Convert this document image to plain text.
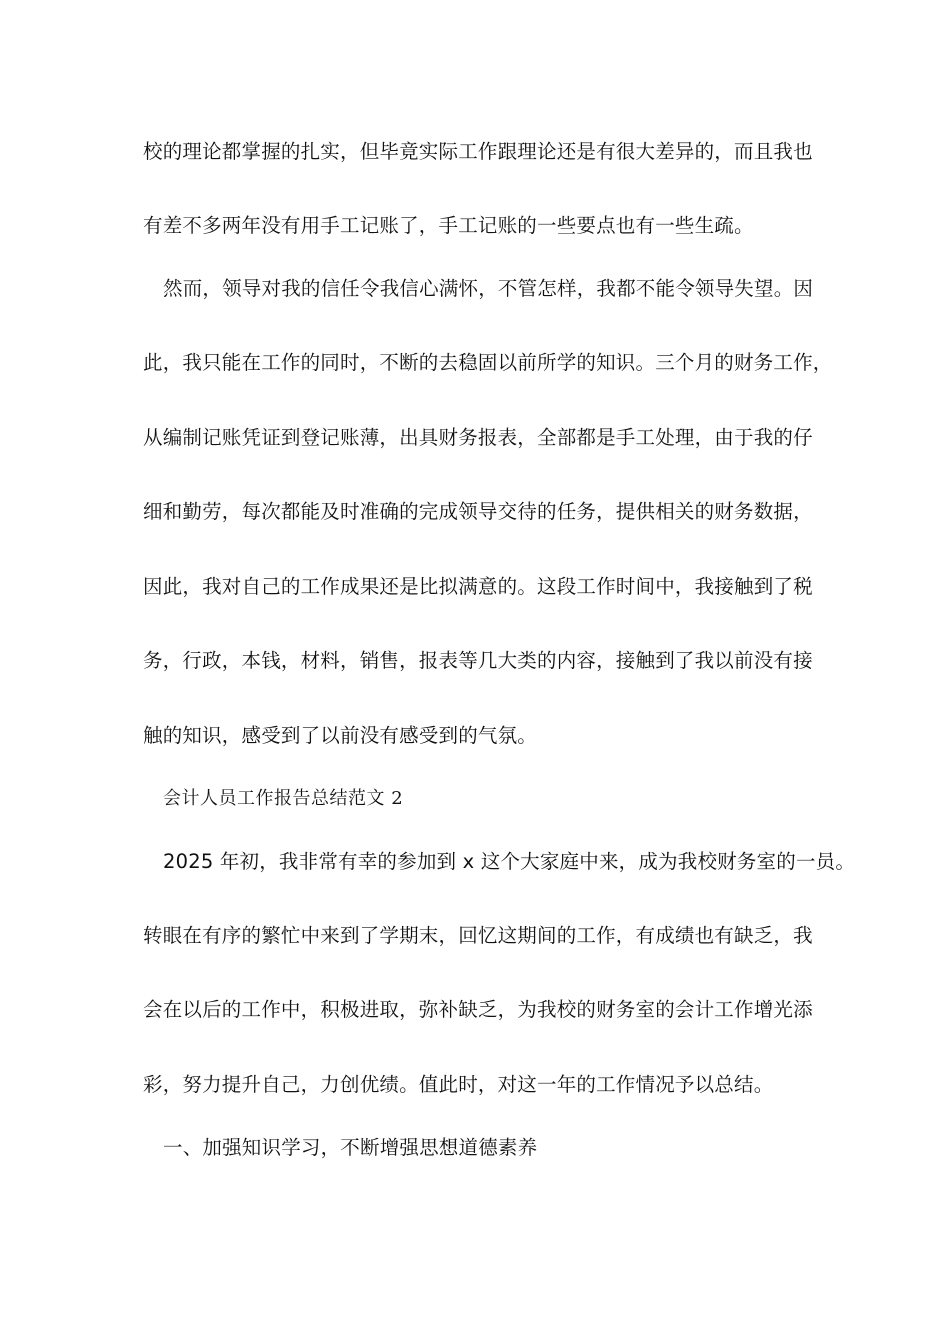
校的理论都掌握的扎实，但毕竟实际工作跟理论还是有很大差异的，而且我也
有差不多两年没有用手工记账了，手工记账的一些要点也有一些生疏。
然而，领导对我的信任令我信心满怀，不管怎样，我都不能令领导失望。因
此，我只能在工作的同时，不断的去稳固以前所学的知识。三个月的财务工作，
从编制记账凭证到登记账薄，出具财务报表，全部都是手工处理，由于我的仔
细和勤劳，每次都能及时准确的完成领导交待的任务，提供相关的财务数据，
因此，我对自己的工作成果还是比拟满意的。这段工作时间中，我接触到了税
务，行政，本钱，材料，销售，报表等几大类的内容，接触到了我以前没有接
触的知识，感受到了以前没有感受到的气氛。
会计人员工作报告总结范文 2
2025 年初，我非常有幸的参加到 x 这个大家庭中来，成为我校财务室的一员。
转眼在有序的繁忙中来到了学期末，回忆这期间的工作，有成绩也有缺乏，我
会在以后的工作中，积极进取，弥补缺乏，为我校的财务室的会计工作增光添
彩，努力提升自己，力创优绩。值此时，对这一年的工作情况予以总结。
一、加强知识学习，不断增强思想道德素养
